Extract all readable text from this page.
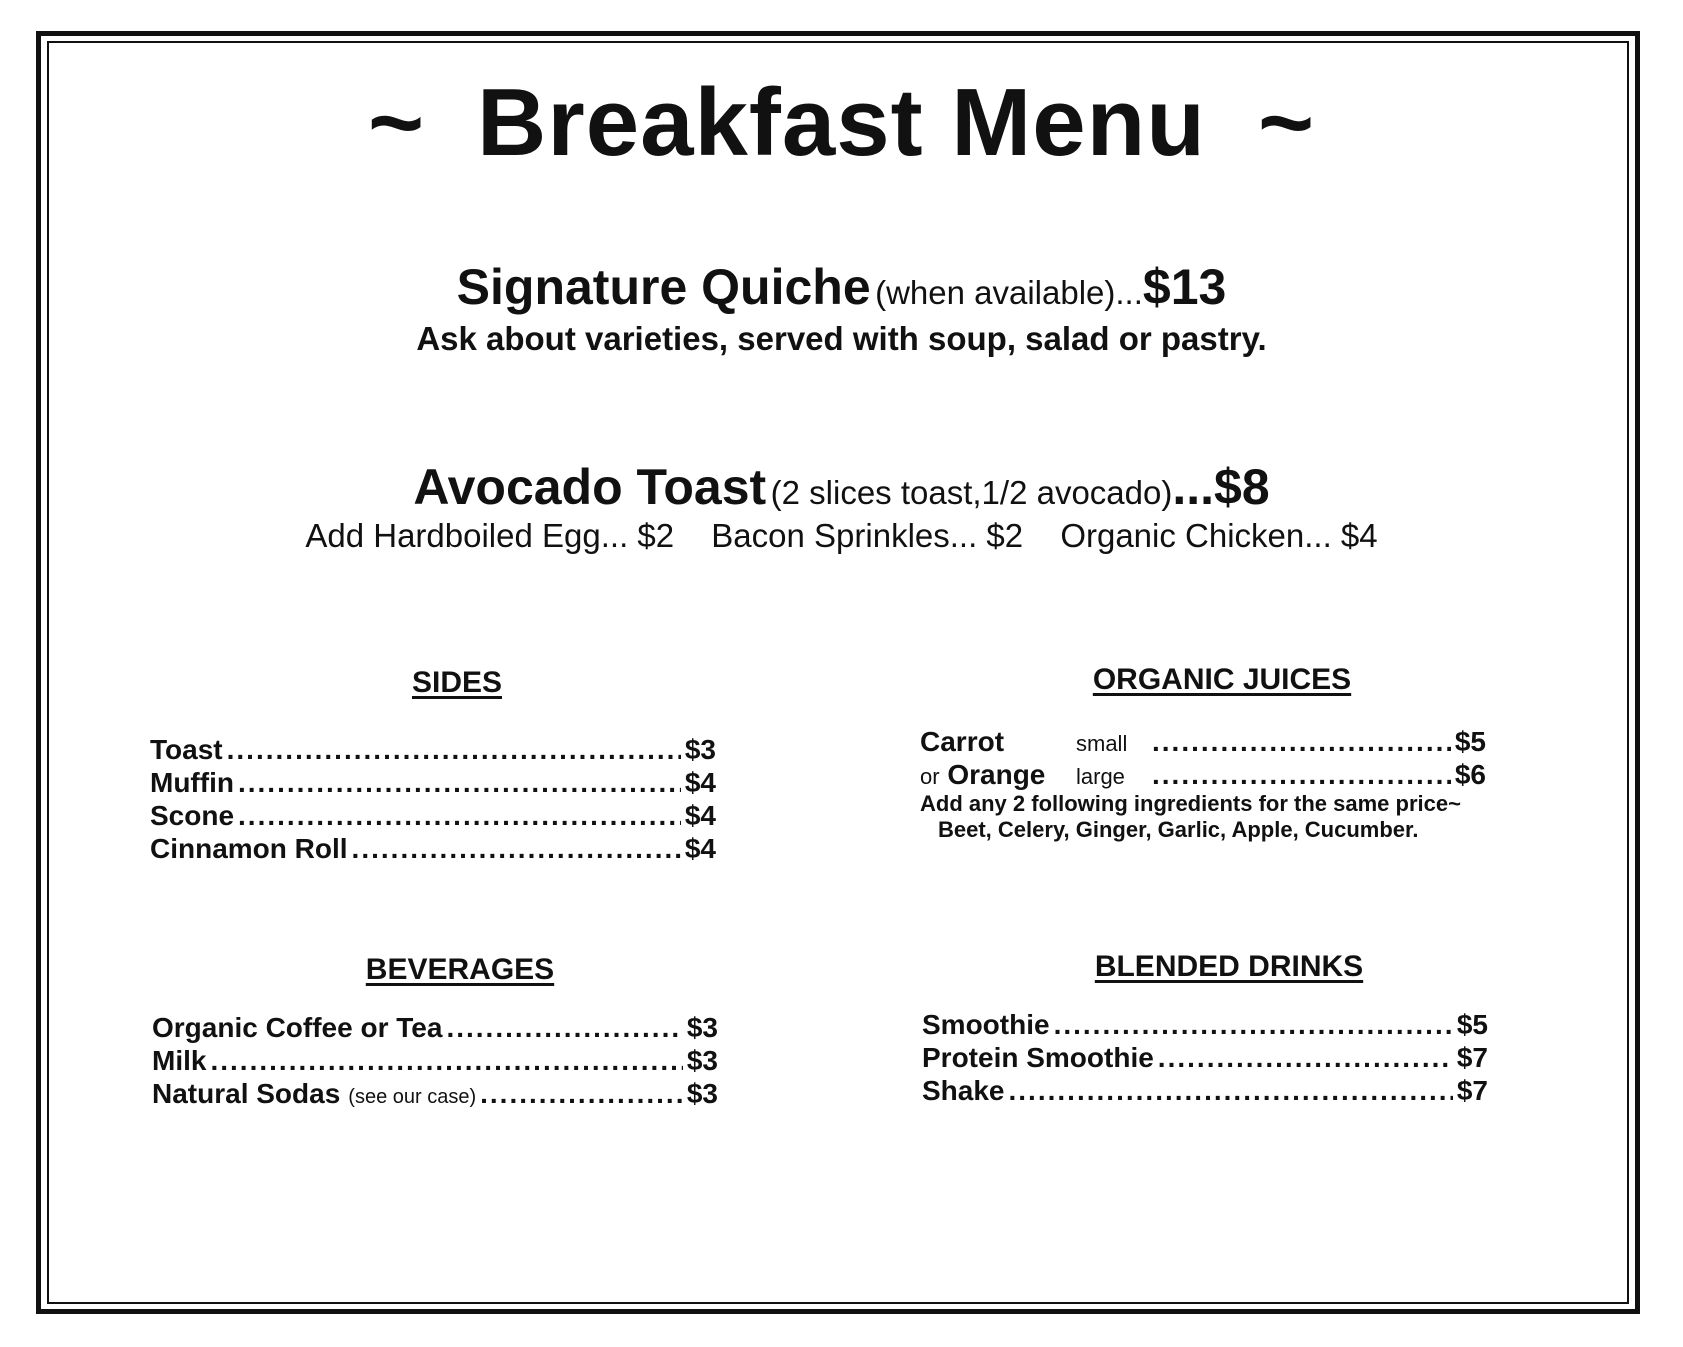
~ Breakfast Menu ~
Signature Quiche (when available)...$13
Ask about varieties, served with soup, salad or pastry.
Avocado Toast (2 slices toast,1/2 avocado)...$8
Add Hardboiled Egg... $2 Bacon Sprinkles... $2 Organic Chicken... $4
SIDES
Toast .....	$3
Muffin .....	$4
Scone .....	$4
Cinnamon Roll .....	$4
ORGANIC JUICES
Carrot	small .....	$5
or Orange	large .....	$6
Add any 2 following ingredients for the same price~
Beet, Celery, Ginger, Garlic, Apple, Cucumber.
BEVERAGES
Organic Coffee or Tea .....	$3
Milk .....	$3
Natural Sodas (see our case) .....	$3
BLENDED DRINKS
Smoothie .....	$5
Protein Smoothie .....	$7
Shake .....	$7
